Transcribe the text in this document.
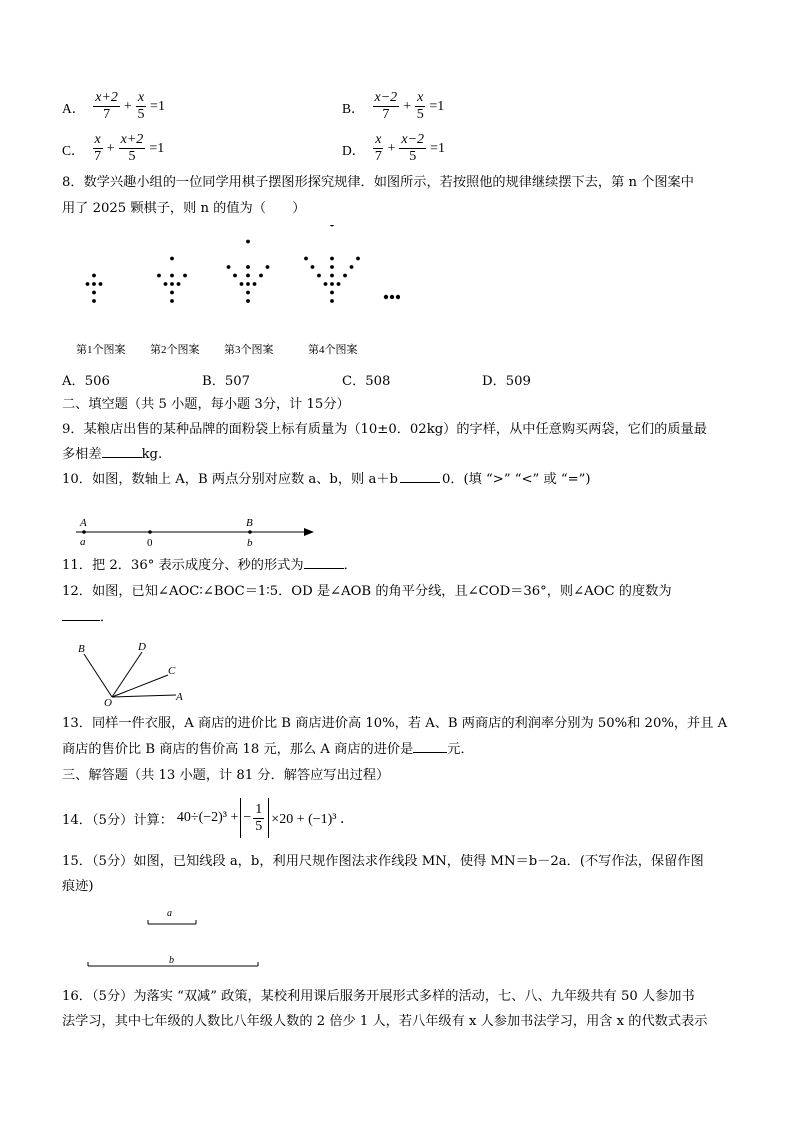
A． $\frac{x+2}{7} + \frac{x}{5} =1$	B． $\frac{x-2}{7} + \frac{x}{5} =1$
C． $\frac{x}{7} + \frac{x+2}{5} =1$	D． $\frac{x}{7} + \frac{x-2}{5} =1$
8．数学兴趣小组的一位同学用棋子摆图形探究规律．如图所示，若按照他的规律继续摆下去，第 n 个图案中
用了 2025 颗棋子，则 n 的值为（　　）
第1个图案 第2个图案 第3个图案	第4个图案
A．506	B．507	C．508	D．509
二、填空题（共 5 小题，每小题 3分，计 15分）
9．某粮店出售的某种品牌的面粉袋上标有质量为（10±0．02kg）的字样，从中任意购买两袋，它们的质量最
多相差	kg.
10．如图，数轴上 A，B 两点分别对应数 a、b，则 a＋b	0．(填 “>” “<” 或 “=”)
A
a	0
B
b
11．把 2．36° 表示成度分、秒的形式为	．
12．如图，已知∠AOC∶∠BOC＝1∶5．OD 是∠AOB 的角平分线，且∠COD＝36°，则∠AOC 的度数为
．
B	D
C
O	A
13．同样一件衣服，A 商店的进价比 B 商店进价高 10%，若 A、B 两商店的利润率分别为 50%和 20%，并且 A
商店的售价比 B 商店的售价高 18 元，那么 A 商店的进价是	元．
三、解答题（共 13 小题，计 81 分．解答应写出过程）
14．（5分）计算： 40÷(−2)³ + − $\frac{1}{5} \times 20 + (-1)^3$ ．
15．（5分）如图，已知线段 a，b，利用尺规作图法求作线段 MN，使得 MN＝b－2a．(不写作法，保留作图
痕迹)
a
b
16．（5分）为落实 “双减” 政策，某校利用课后服务开展形式多样的活动，七、八、九年级共有 50 人参加书
法学习，其中七年级的人数比八年级人数的 2 倍少 1 人，若八年级有 x 人参加书法学习，用含 x 的代数式表示
